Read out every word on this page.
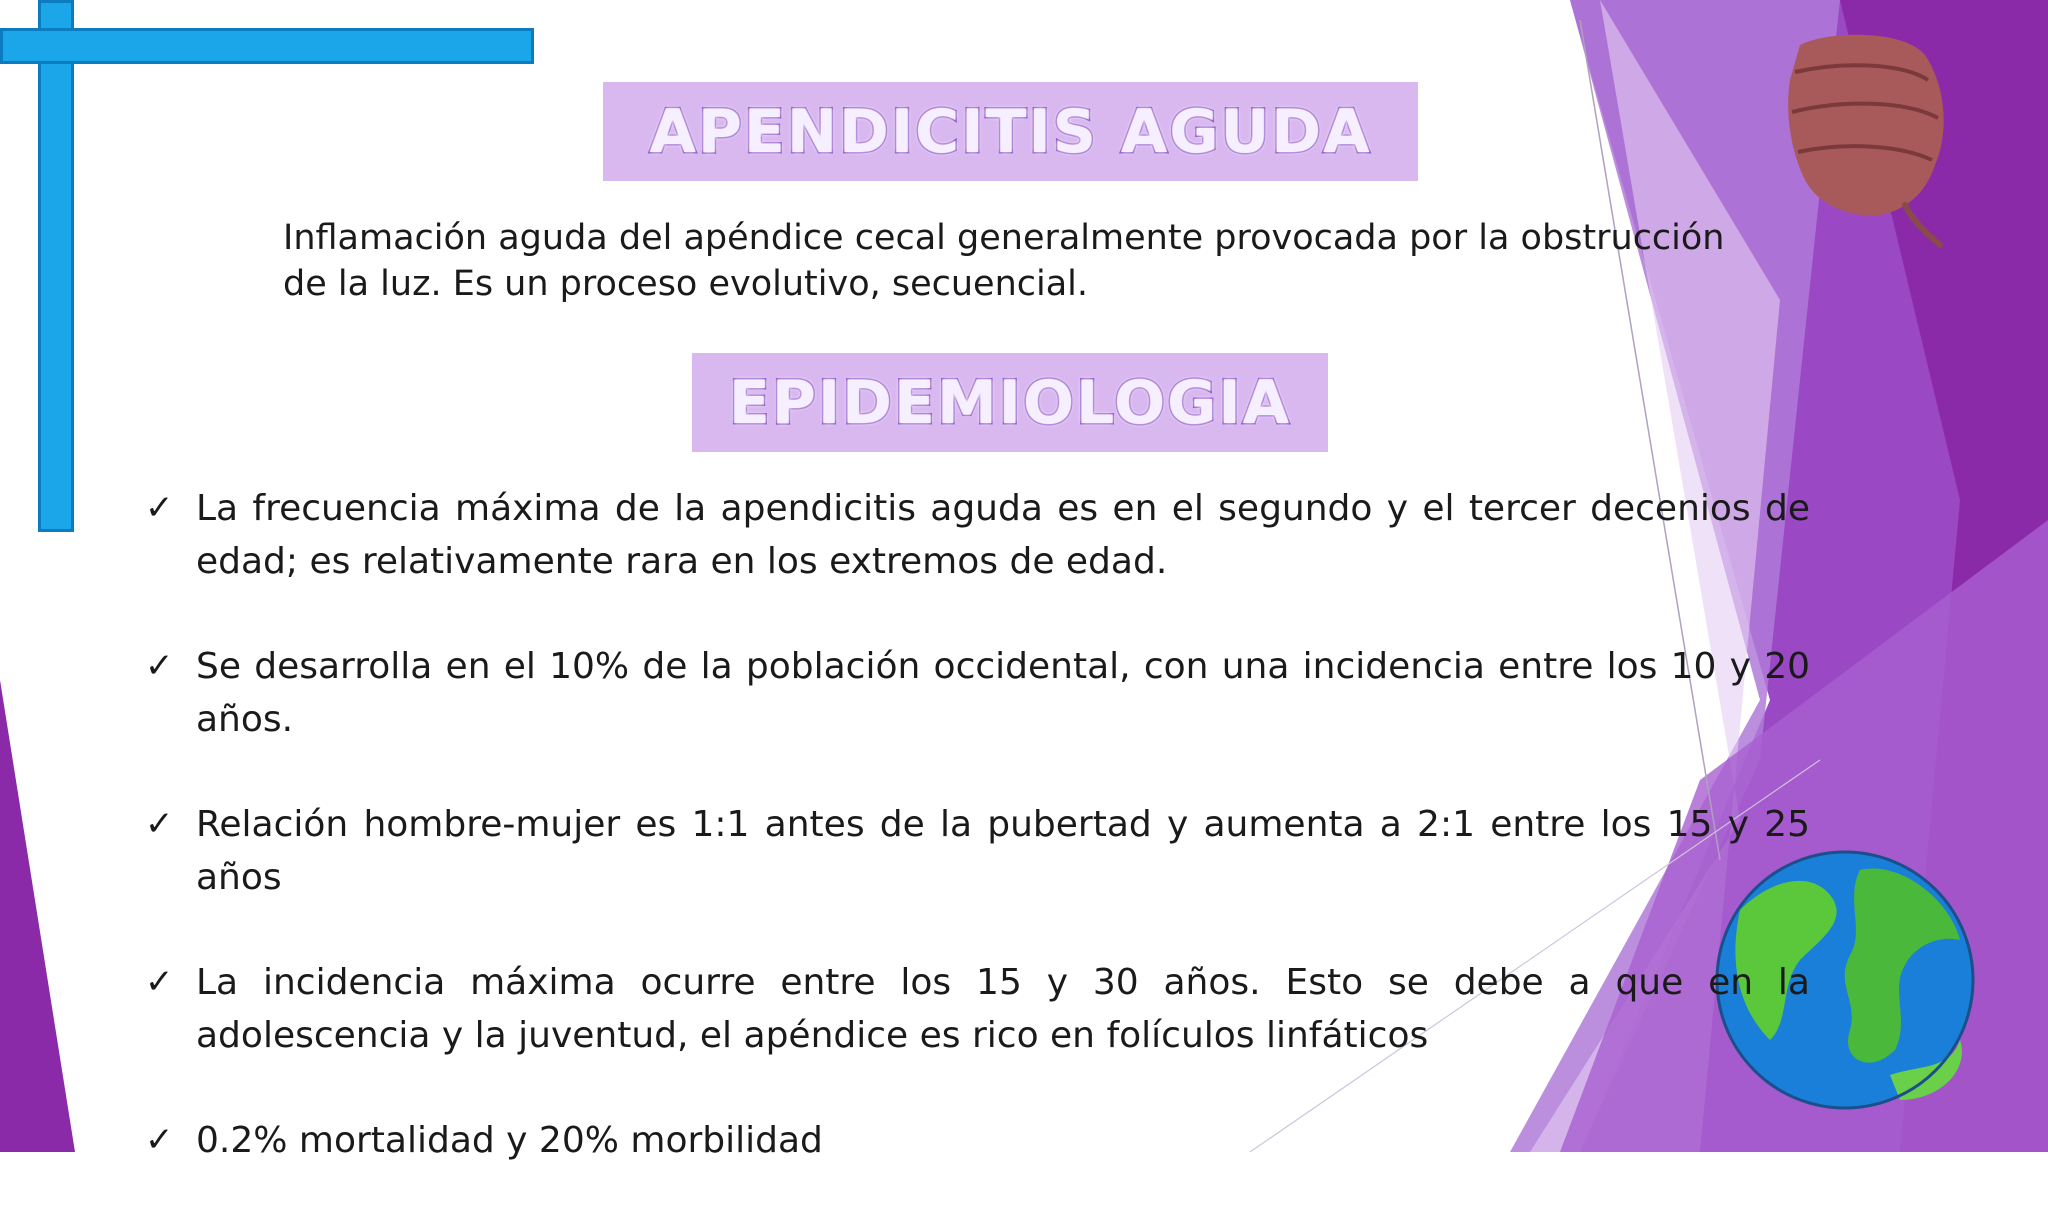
APENDICITIS AGUDA
Inflamación aguda del apéndice cecal generalmente provocada por la obstrucción
de la luz. Es un proceso evolutivo, secuencial.
EPIDEMIOLOGIA
✓ La frecuencia máxima de la apendicitis aguda es en el segundo y el tercer decenios de edad; es relativamente rara en los extremos de edad.
✓ Se desarrolla en el 10% de la población occidental, con una incidencia entre los 10 y 20 años.
✓ Relación hombre-mujer es 1:1 antes de la pubertad y aumenta a 2:1 entre los 15 y 25 años
✓ La incidencia máxima ocurre entre los 15 y 30 años. Esto se debe a que en la adolescencia y la juventud, el apéndice es rico en folículos linfáticos
✓ 0.2% mortalidad y 20% morbilidad
